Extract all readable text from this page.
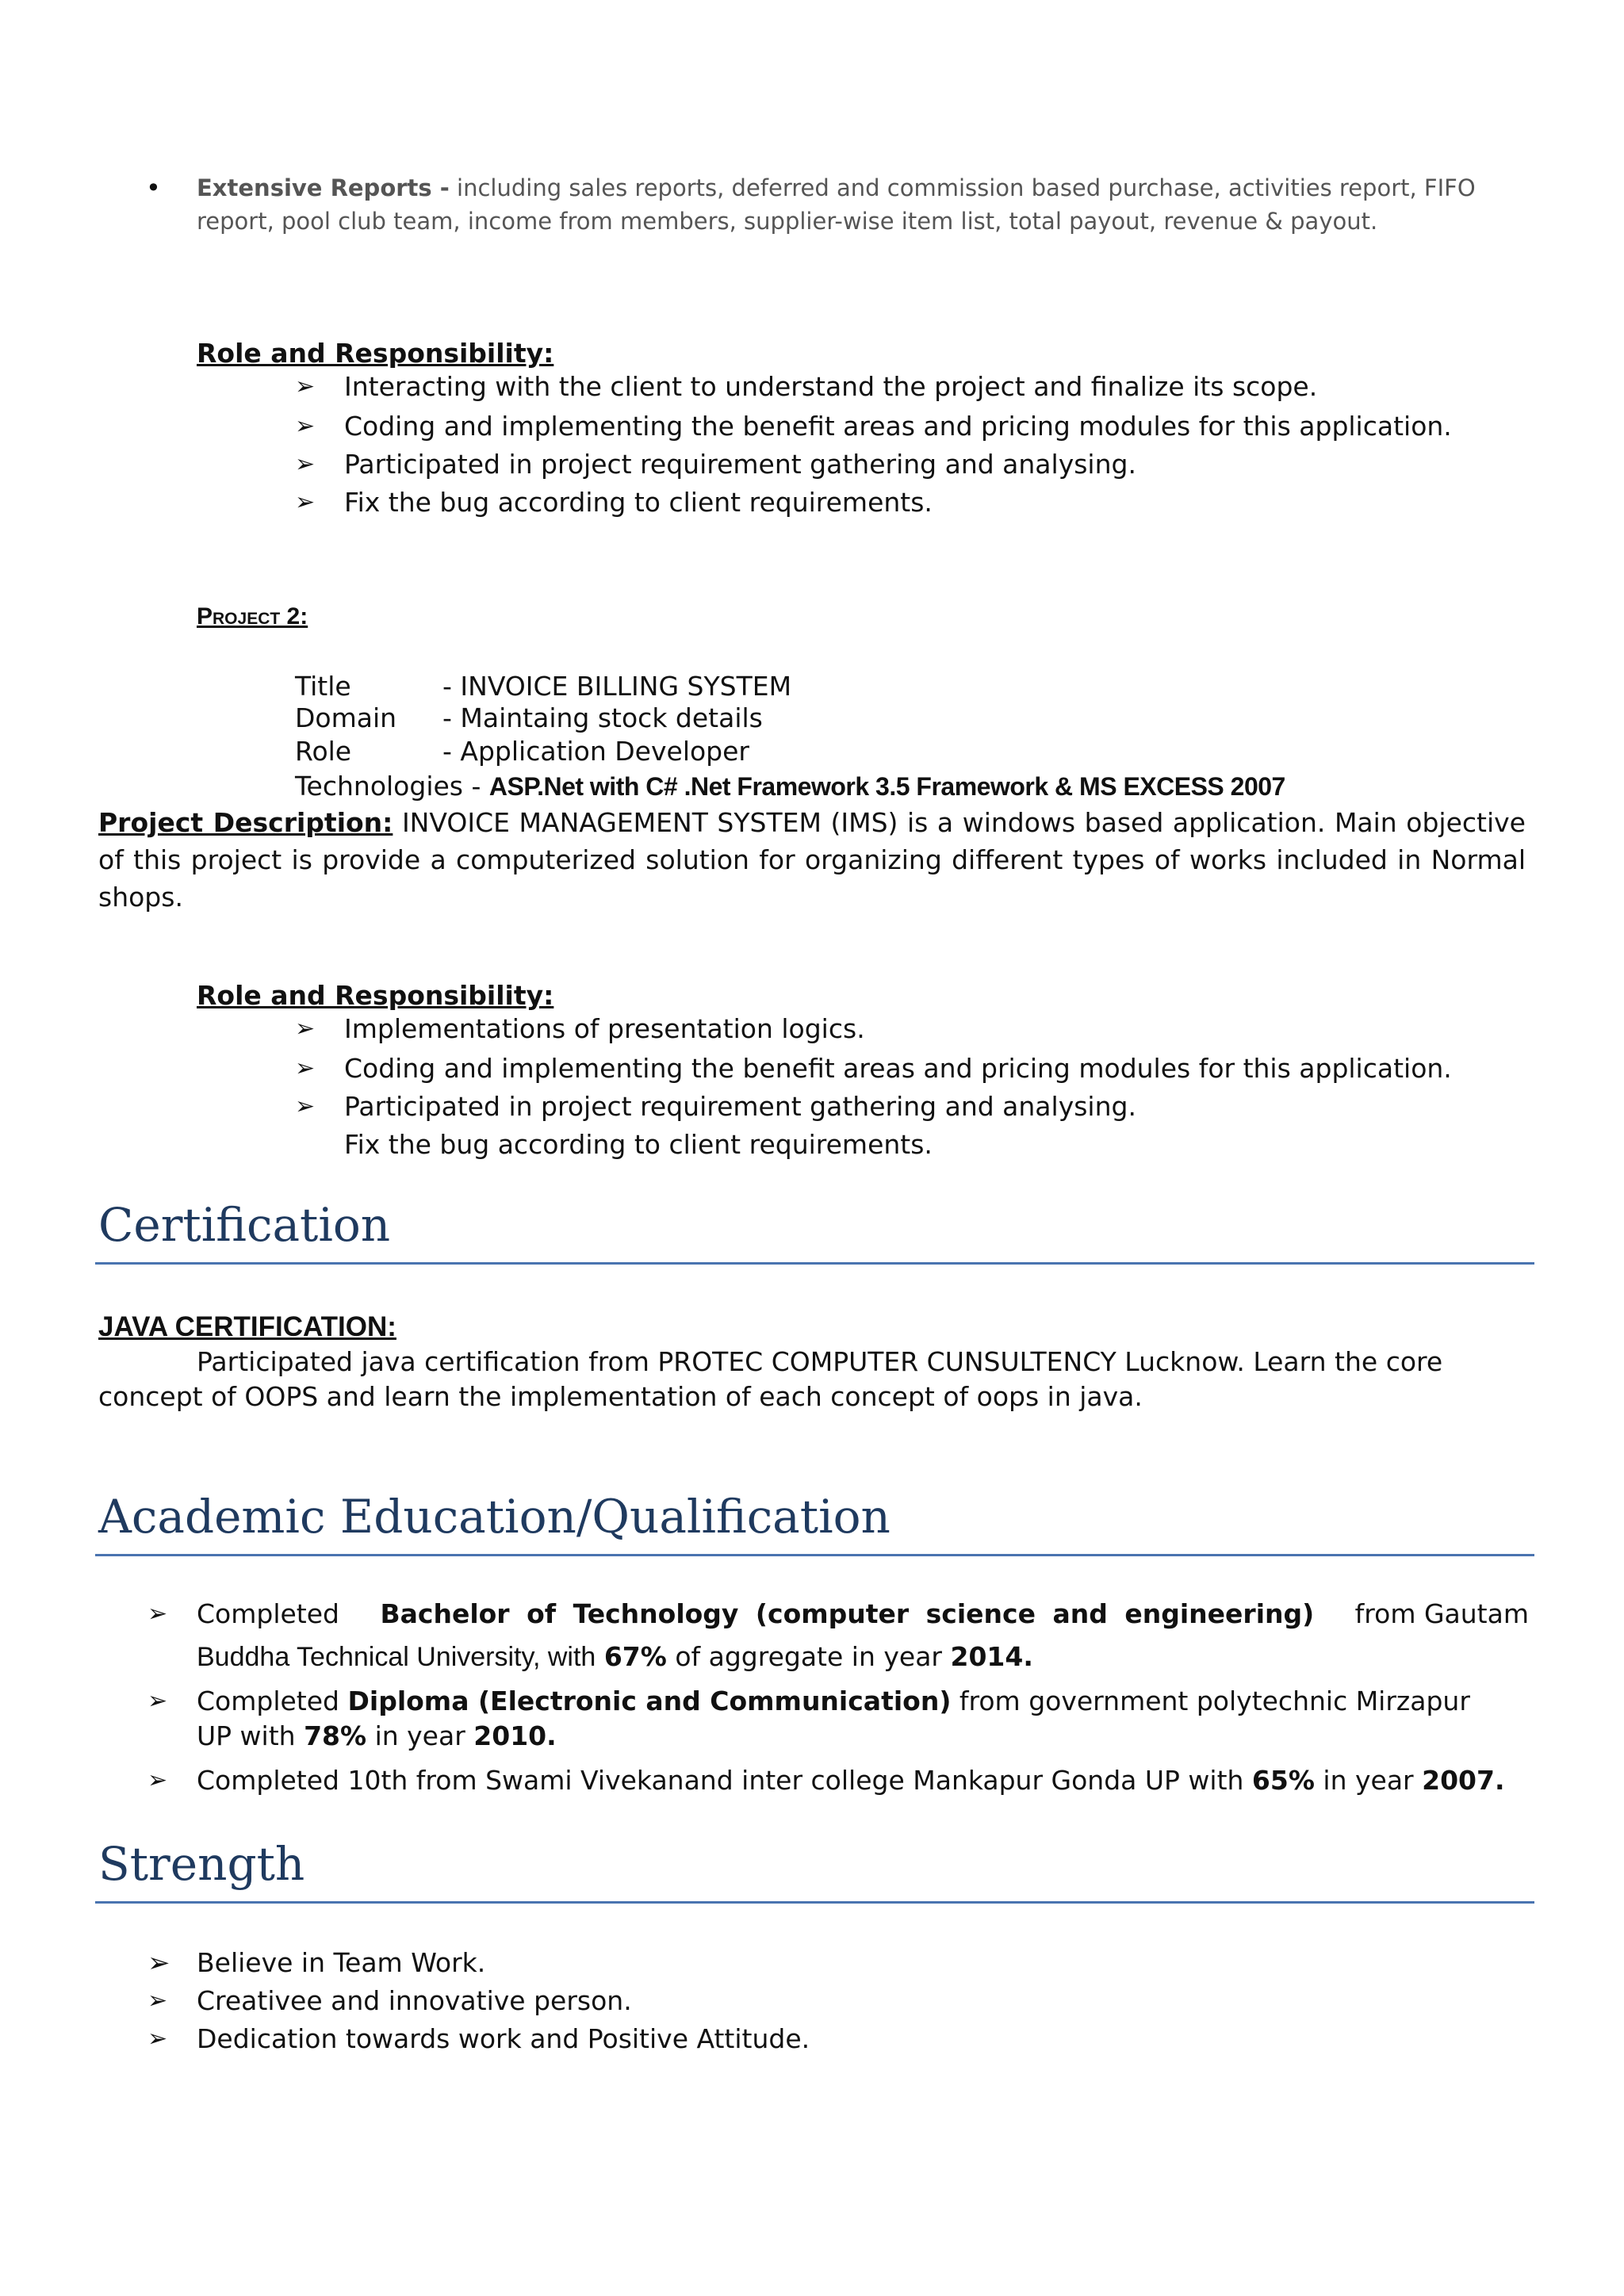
• Extensive Reports - including sales reports, deferred and commission based purchase, activities report, FIFO
report, pool club team, income from members, supplier-wise item list, total payout, revenue & payout.
Role and Responsibility:
➢ Interacting with the client to understand the project and finalize its scope.
➢ Coding and implementing the benefit areas and pricing modules for this application.
➢ Participated in project requirement gathering and analysing.
➢ Fix the bug according to client requirements.
Project 2:
Title	- INVOICE BILLING SYSTEM
Domain - Maintaing stock details
Role	- Application Developer
Technologies - ASP.Net with C# .Net Framework 3.5 Framework & MS EXCESS 2007
Project Description: INVOICE MANAGEMENT SYSTEM (IMS) is a windows based application. Main objective of this project is provide a computerized solution for organizing different types of works included in Normal shops.
Role and Responsibility:
➢ Implementations of presentation logics.
➢ Coding and implementing the benefit areas and pricing modules for this application.
➢ Participated in project requirement gathering and analysing.
Fix the bug according to client requirements.
Certification
JAVA CERTIFICATION:
Participated java certification from PROTEC COMPUTER CUNSULTENCY Lucknow. Learn the core
concept of OOPS and learn the implementation of each concept of oops in java.
Academic Education/Qualification
➢ Completed Bachelor of Technology (computer science and engineering) from Gautam
Buddha Technical University, with 67% of aggregate in year 2014.
➢ Completed Diploma (Electronic and Communication) from government polytechnic Mirzapur
UP with 78% in year 2010.
➢ Completed 10th from Swami Vivekanand inter college Mankapur Gonda UP with 65% in year 2007.
Strength
➢ Believe in Team Work.
➢ Creativee and innovative person.
➢ Dedication towards work and Positive Attitude.
